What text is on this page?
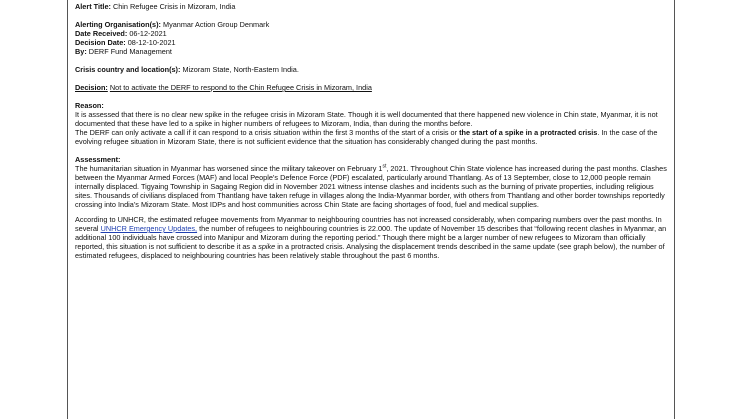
Alert Title: Chin Refugee Crisis in Mizoram, India

Alerting Organisation(s): Myanmar Action Group Denmark

Date Received: 06-12-2021

Decision Date: 08-12-10-2021

By: DERF Fund Management

Crisis country and location(s): Mizoram State, North-Eastern India.

Decision: Not to activate the DERF to respond to the Chin Refugee Crisis in Mizoram, India

Reason:

It is assessed that there is no clear new spike in the refugee crisis in Mizoram State. Though it is well documented that there happened new violence in Chin state, Myanmar, it is not documented that these have led to a spike in higher numbers of refugees to Mizoram, India, than during the months before.

The DERF can only activate a call if it can respond to a crisis situation within the first 3 months of the start of a crisis or the start of a spike in a protracted crisis. In the case of the evolving refugee situation in Mizoram State, there is not sufficient evidence that the situation has considerably changed during the past months.

Assessment:

The humanitarian situation in Myanmar has worsened since the military takeover on February 1st, 2021. Throughout Chin State violence has increased during the past months. Clashes between the Myanmar Armed Forces (MAF) and local People’s Defence Force (PDF) escalated, particularly around Thantlang. As of 13 September, close to 12,000 people remain internally displaced. Tigyaing Township in Sagaing Region did in November 2021 witness intense clashes and incidents such as the burning of private properties, including religious sites. Thousands of civilians displaced from Thantlang have taken refuge in villages along the India-Myanmar border, with others from Thantlang and other border townships reportedly crossing into India’s Mizoram State. Most IDPs and host communities across Chin State are facing shortages of food, fuel and medical supplies.

According to UNHCR, the estimated refugee movements from Myanmar to neighbouring countries has not increased considerably, when comparing numbers over the past months. In several UNHCR Emergency Updates, the number of refugees to neighbouring countries is 22.000. The update of November 15 describes that “following recent clashes in Myanmar, an additional 100 individuals have crossed into Manipur and Mizoram during the reporting period.” Though there might be a larger number of new refugees to Mizoram than officially reported, this situation is not sufficient to describe it as a spike in a protracted crisis. Analysing the displacement trends described in the same update (see graph below), the number of estimated refugees, displaced to neighbouring countries has been relatively stable throughout the past 6 months.
